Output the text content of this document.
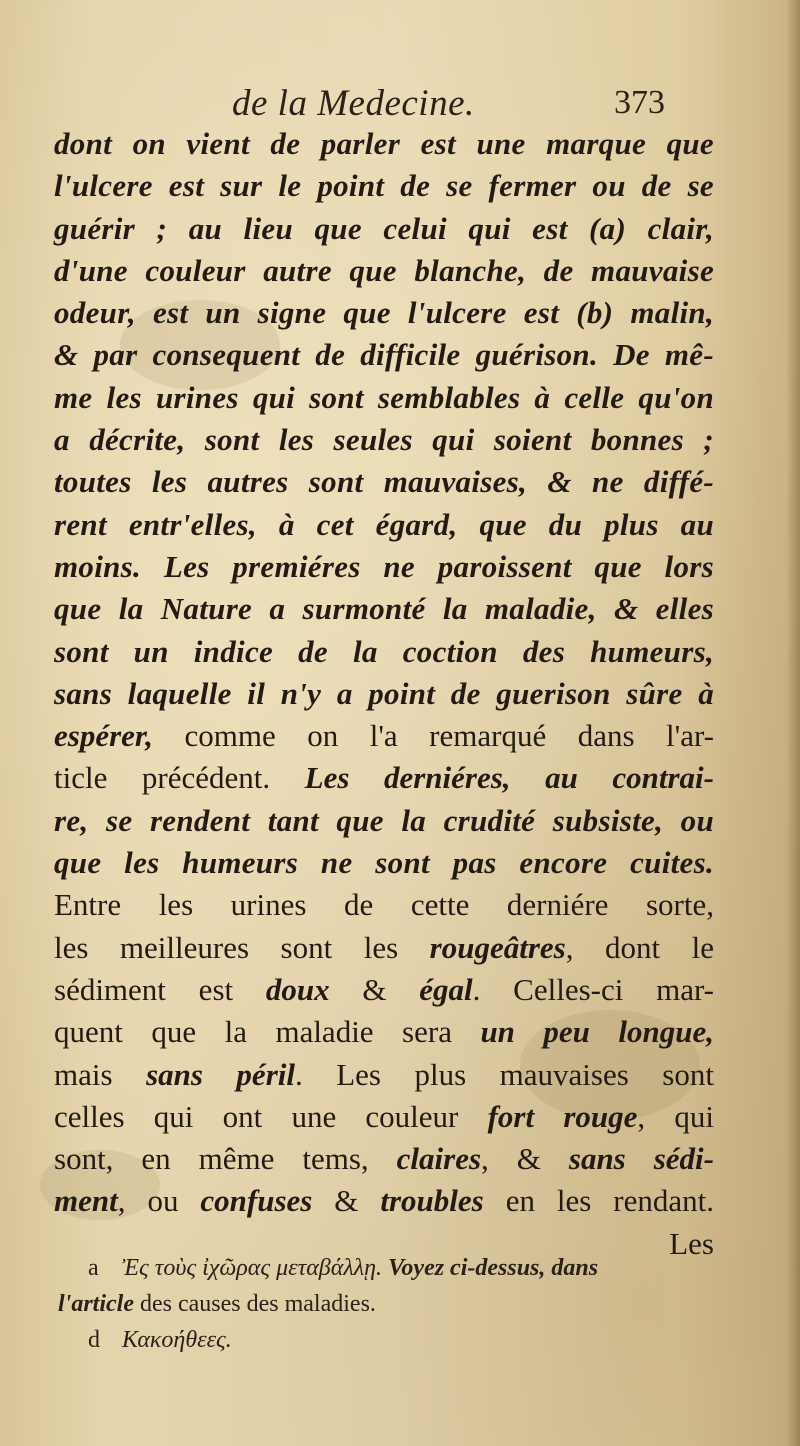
de la Medecine.	373
dont on vient de parler est une marque que
l'ulcere est sur le point de se fermer ou de se
guérir ; au lieu que celui qui est (a) clair,
d'une couleur autre que blanche, de mauvaise
odeur, est un signe que l'ulcere est (b) malin,
& par consequent de difficile guérison. De mê-
me les urines qui sont semblables à celle qu'on
a décrite, sont les seules qui soient bonnes ;
toutes les autres sont mauvaises, & ne diffé-
rent entr'elles, à cet égard, que du plus au
moins. Les premiéres ne paroissent que lors
que la Nature a surmonté la maladie, & elles
sont un indice de la coction des humeurs,
sans laquelle il n'y a point de guerison sûre à
espérer, comme on l'a remarqué dans l'ar-
ticle précédent. Les derniéres, au contrai-
re, se rendent tant que la crudité subsiste, ou
que les humeurs ne sont pas encore cuites.
Entre les urines de cette derniére sorte,
les meilleures sont les rougeâtres, dont le
sédiment est doux & égal. Celles-ci mar-
quent que la maladie sera un peu longue,
mais sans péril. Les plus mauvaises sont
celles qui ont une couleur fort rouge, qui
sont, en même tems, claires, & sans sédi-
ment, ou confuses & troubles en les rendant.
Les
a Ἐς τοὺς ἰχῶρας μεταβάλλῃ. Voyez ci-dessus, dans
l'article des causes des maladies.
d Κακοήθεες.
